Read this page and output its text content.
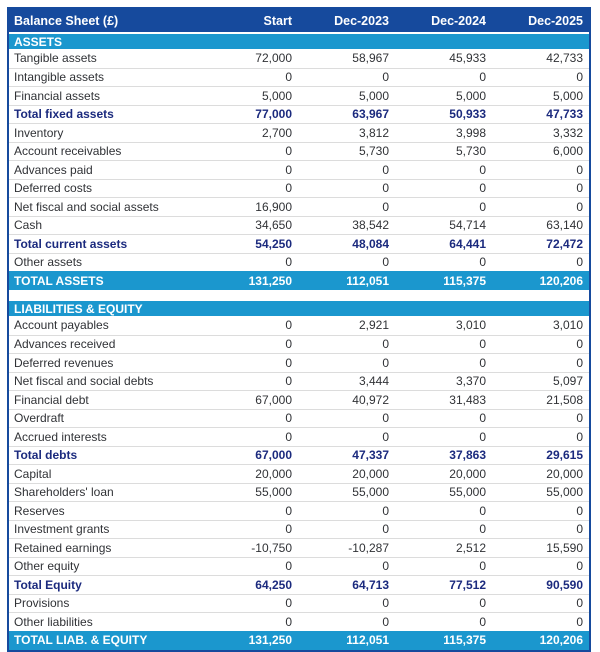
Balance Sheet (£)	Start	Dec-2023	Dec-2024	Dec-2025
ASSETS
Tangible assets	72,000	58,967	45,933	42,733
Intangible assets	0	0	0	0
Financial assets	5,000	5,000	5,000	5,000
Total fixed assets	77,000	63,967	50,933	47,733
Inventory	2,700	3,812	3,998	3,332
Account receivables	0	5,730	5,730	6,000
Advances paid	0	0	0	0
Deferred costs	0	0	0	0
Net fiscal and social assets	16,900	0	0	0
Cash	34,650	38,542	54,714	63,140
Total current assets	54,250	48,084	64,441	72,472
Other assets	0	0	0	0
TOTAL ASSETS	131,250	112,051	115,375	120,206
LIABILITIES & EQUITY
Account payables	0	2,921	3,010	3,010
Advances received	0	0	0	0
Deferred revenues	0	0	0	0
Net fiscal and social debts	0	3,444	3,370	5,097
Financial debt	67,000	40,972	31,483	21,508
Overdraft	0	0	0	0
Accrued interests	0	0	0	0
Total debts	67,000	47,337	37,863	29,615
Capital	20,000	20,000	20,000	20,000
Shareholders' loan	55,000	55,000	55,000	55,000
Reserves	0	0	0	0
Investment grants	0	0	0	0
Retained earnings	-10,750	-10,287	2,512	15,590
Other equity	0	0	0	0
Total Equity	64,250	64,713	77,512	90,590
Provisions	0	0	0	0
Other liabilities	0	0	0	0
TOTAL LIAB. & EQUITY	131,250	112,051	115,375	120,206
